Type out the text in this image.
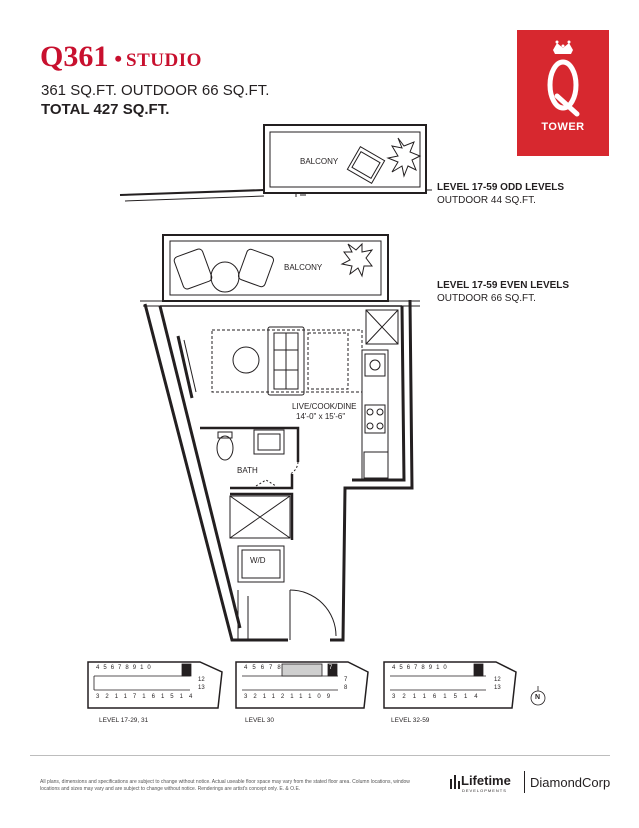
Q361 • STUDIO
361 SQ.FT. OUTDOOR 66 SQ.FT.
TOTAL 427 SQ.FT.
TOWER
LEVEL 17-59 ODD LEVELS
OUTDOOR 44 SQ.FT.
LEVEL 17-59 EVEN LEVELS
OUTDOOR 66 SQ.FT.
BALCONY
BALCONY
LIVE/COOK/DINE
14'-0" x 15'-6"
BATH
W/D
4567891011
32117161514
12
13
45678
3211211109
7
8
7	4567891011
321161514
12
13
LEVEL 17-29, 31	LEVEL 30	LEVEL 32-59
N
All plans, dimensions and specifications are subject to change without notice. Actual useable floor space may vary from the stated floor area. Column locations, window locations and sizes may vary and are subject to change without notice. Renderings are artist's concept only. E. & O.E.
Lifetime
DEVELOPMENTS
DiamondCorp
